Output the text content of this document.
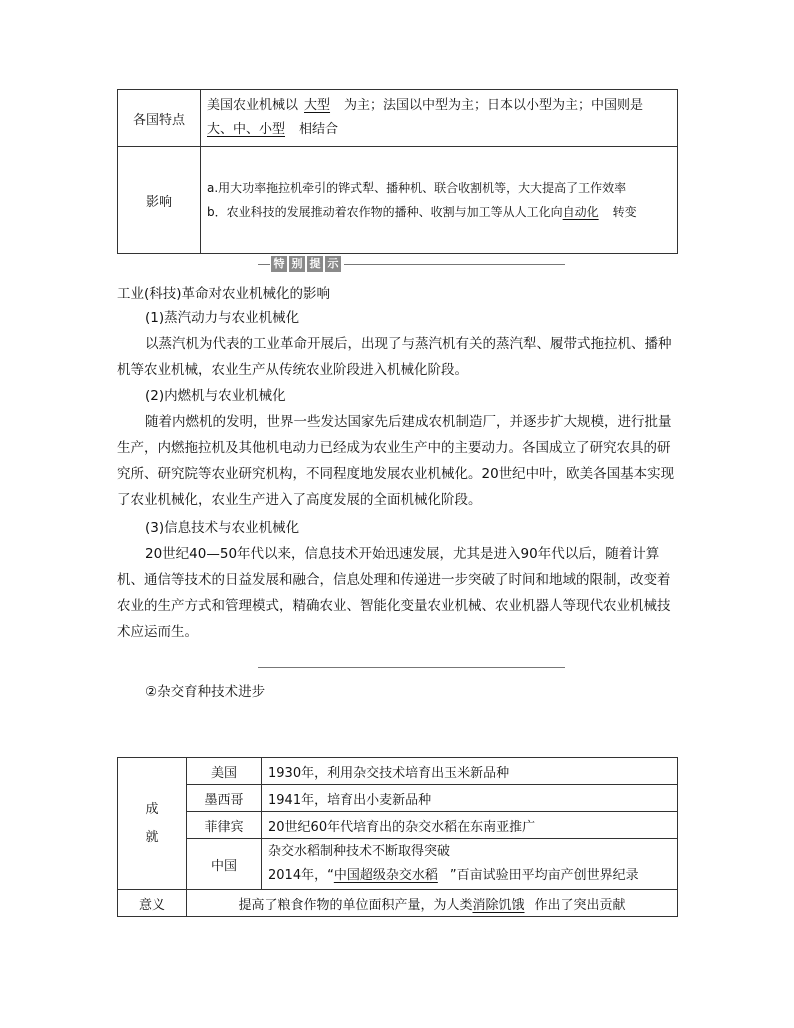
各国特点	美国农业机械以 大型 为主；法国以中型为主；日本以小型为主；中国则是
大、中、小型 相结合
影响	a.用大功率拖拉机牵引的铧式犁、播种机、联合收割机等，大大提高了工作效率
b．农业科技的发展推动着农作物的播种、收割与加工等从人工化向自动化 转变
特 别 提 示
工业(科技)革命对农业机械化的影响
(1)蒸汽动力与农业机械化
以蒸汽机为代表的工业革命开展后，出现了与蒸汽机有关的蒸汽犁、履带式拖拉机、播种机等农业机械，农业生产从传统农业阶段进入机械化阶段。
(2)内燃机与农业机械化
随着内燃机的发明，世界一些发达国家先后建成农机制造厂，并逐步扩大规模，进行批量生产，内燃拖拉机及其他机电动力已经成为农业生产中的主要动力。各国成立了研究农具的研究所、研究院等农业研究机构，不同程度地发展农业机械化。20世纪中叶，欧美各国基本实现了农业机械化，农业生产进入了高度发展的全面机械化阶段。
(3)信息技术与农业机械化
20世纪40—50年代以来，信息技术开始迅速发展，尤其是进入90年代以后，随着计算机、通信等技术的日益发展和融合，信息处理和传递进一步突破了时间和地域的限制，改变着农业的生产方式和管理模式，精确农业、智能化变量农业机械、农业机器人等现代农业机械技术应运而生。
②杂交育种技术进步
成就	美国	1930年，利用杂交技术培育出玉米新品种
	墨西哥	1941年，培育出小麦新品种
	菲律宾	20世纪60年代培育出的杂交水稻在东南亚推广
	中国	杂交水稻制种技术不断取得突破
2014年，“中国超级杂交水稻 ”百亩试验田平均亩产创世界纪录

意义	提高了粮食作物的单位面积产量，为人类消除饥饿 作出了突出贡献	
